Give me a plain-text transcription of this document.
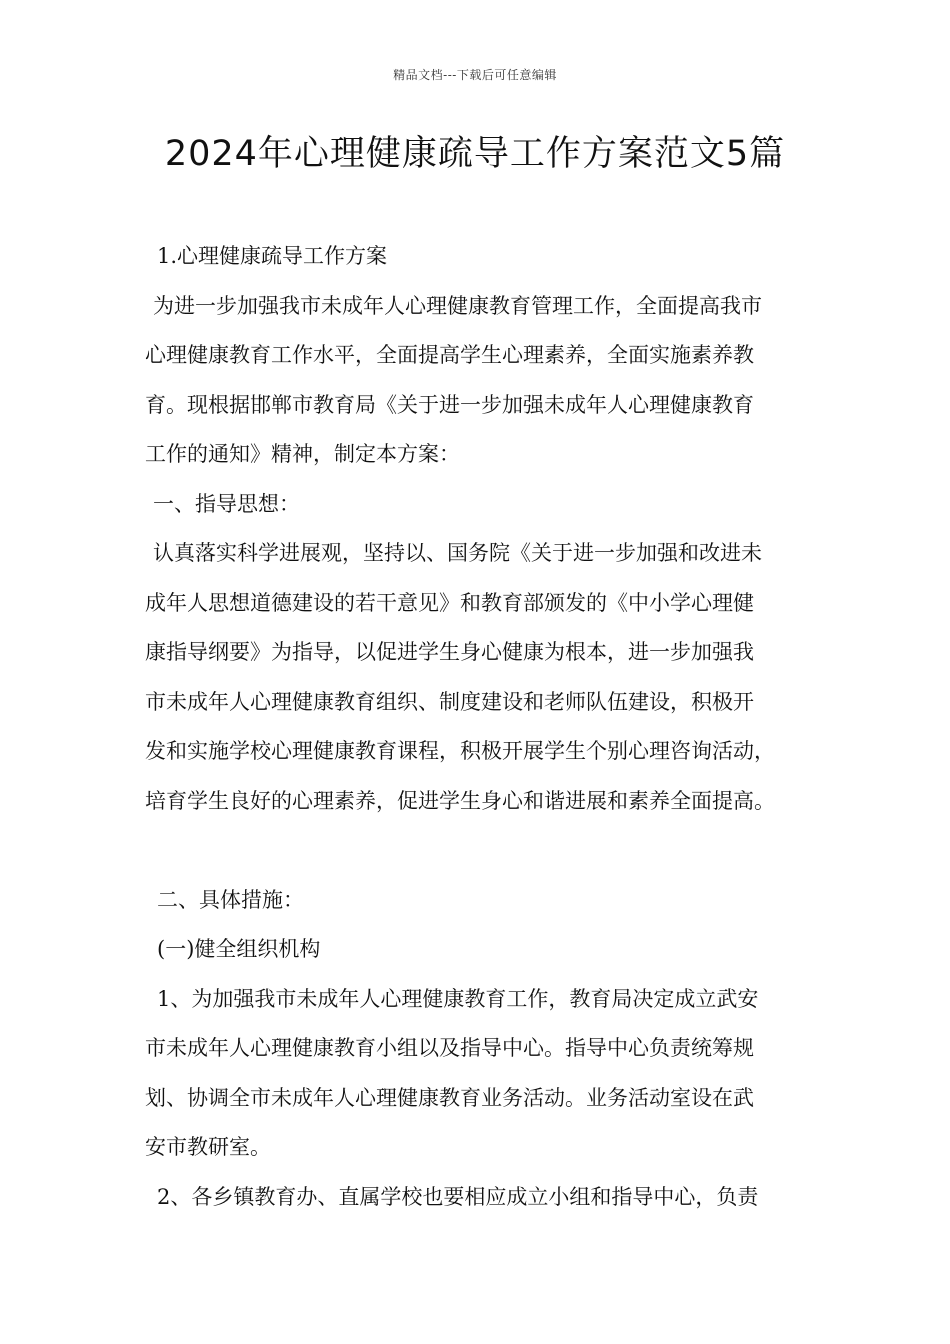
精品文档---下载后可任意编辑
2024年心理健康疏导工作方案范文5篇

1.心理健康疏导工作方案

为进一步加强我市未成年人心理健康教育管理工作，全面提高我市
心理健康教育工作水平，全面提高学生心理素养，全面实施素养教
育。现根据邯郸市教育局《关于进一步加强未成年人心理健康教育
工作的通知》精神，制定本方案：

一、指导思想：

认真落实科学进展观，坚持以、国务院《关于进一步加强和改进未
成年人思想道德建设的若干意见》和教育部颁发的《中小学心理健
康指导纲要》为指导，以促进学生身心健康为根本，进一步加强我
市未成年人心理健康教育组织、制度建设和老师队伍建设，积极开
发和实施学校心理健康教育课程，积极开展学生个别心理咨询活动，
培育学生良好的心理素养，促进学生身心和谐进展和素养全面提高。

二、具体措施：

(一)健全组织机构

1、为加强我市未成年人心理健康教育工作，教育局决定成立武安
市未成年人心理健康教育小组以及指导中心。指导中心负责统筹规
划、协调全市未成年人心理健康教育业务活动。业务活动室设在武
安市教研室。

2、各乡镇教育办、直属学校也要相应成立小组和指导中心，负责
